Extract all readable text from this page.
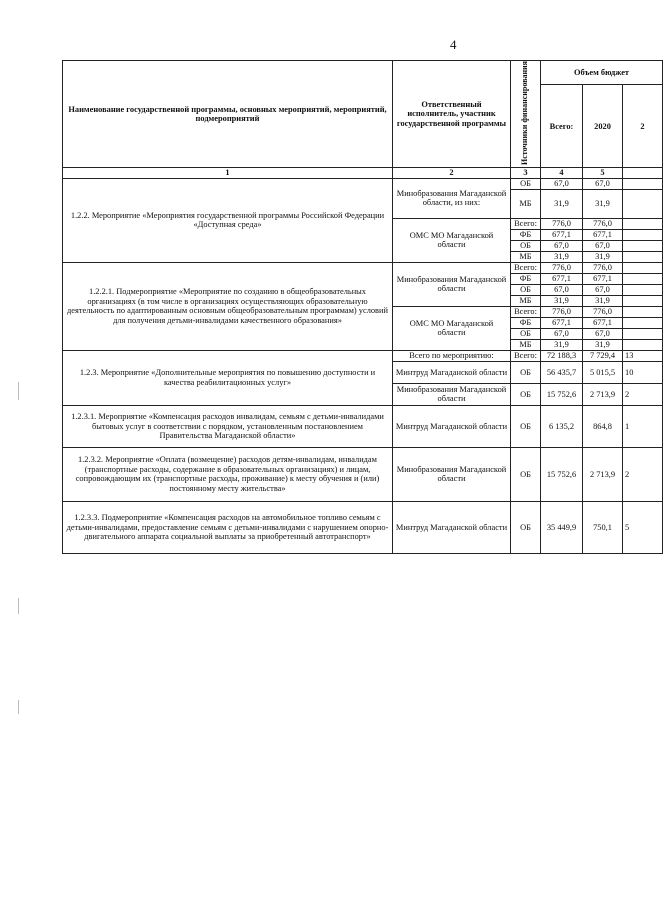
4
Наименование государственной программы, основных мероприятий, мероприятий, подмероприятий	Ответственный исполнитель, участник государственной программы	Источники финансирования	Объем бюджет		
			Всего:	2020	2
1	2	3	4	5	
1.2.2. Мероприятие «Мероприятия государственной программы Российской Федерации «Доступная среда»	Минобразования Магаданской области, из них:	ОБ	67,0	67,0	
		МБ	31,9	31,9	
	ОМС МО Магаданской области	Всего:	776,0	776,0	
		ФБ	677,1	677,1	
		ОБ	67,0	67,0	
		МБ	31,9	31,9	
1.2.2.1. Подмероприятие «Мероприятие по созданию в общеобразовательных организациях (в том числе в организациях осуществляющих образовательную деятельность по адаптированным основным общеобразовательным программам) условий для получения детьми-инвалидами качественного образования»	Минобразования Магаданской области	Всего:	776,0	776,0	
		ФБ	677,1	677,1	
		ОБ	67,0	67,0	
		МБ	31,9	31,9	
	ОМС МО Магаданской области	Всего:	776,0	776,0	
		ФБ	677,1	677,1	
		ОБ	67,0	67,0	
		МБ	31,9	31,9	
1.2.3. Мероприятие «Дополнительные мероприятия по повышению доступности и качества реабилитационных услуг»	Всего по мероприятию:	Всего:	72 188,3	7 729,4	13
	Минтруд Магаданской области	ОБ	56 435,7	5 015,5	10
	Минобразования Магаданской области	ОБ	15 752,6	2 713,9	2
1.2.3.1. Мероприятие «Компенсация расходов инвалидам, семьям с детьми-инвалидами бытовых услуг в соответствии с порядком, установленным постановлением Правительства Магаданской области»	Минтруд Магаданской области	ОБ	6 135,2	864,8	1
1.2.3.2. Мероприятие «Оплата (возмещение) расходов детям-инвалидам, инвалидам (транспортные расходы, содержание в образовательных организациях) и лицам, сопровождающим их (транспортные расходы, проживание) к месту обучения и (или) постоянному месту жительства»	Минобразования Магаданской области	ОБ	15 752,6	2 713,9	2
1.2.3.3. Подмероприятие «Компенсация расходов на автомобильное топливо семьям с детьми-инвалидами, предоставление семьям с детьми-инвалидами с нарушением опорно-двигательного аппарата социальной выплаты за приобретенный автотранспорт»	Минтруд Магаданской области	ОБ	35 449,9	750,1	5
